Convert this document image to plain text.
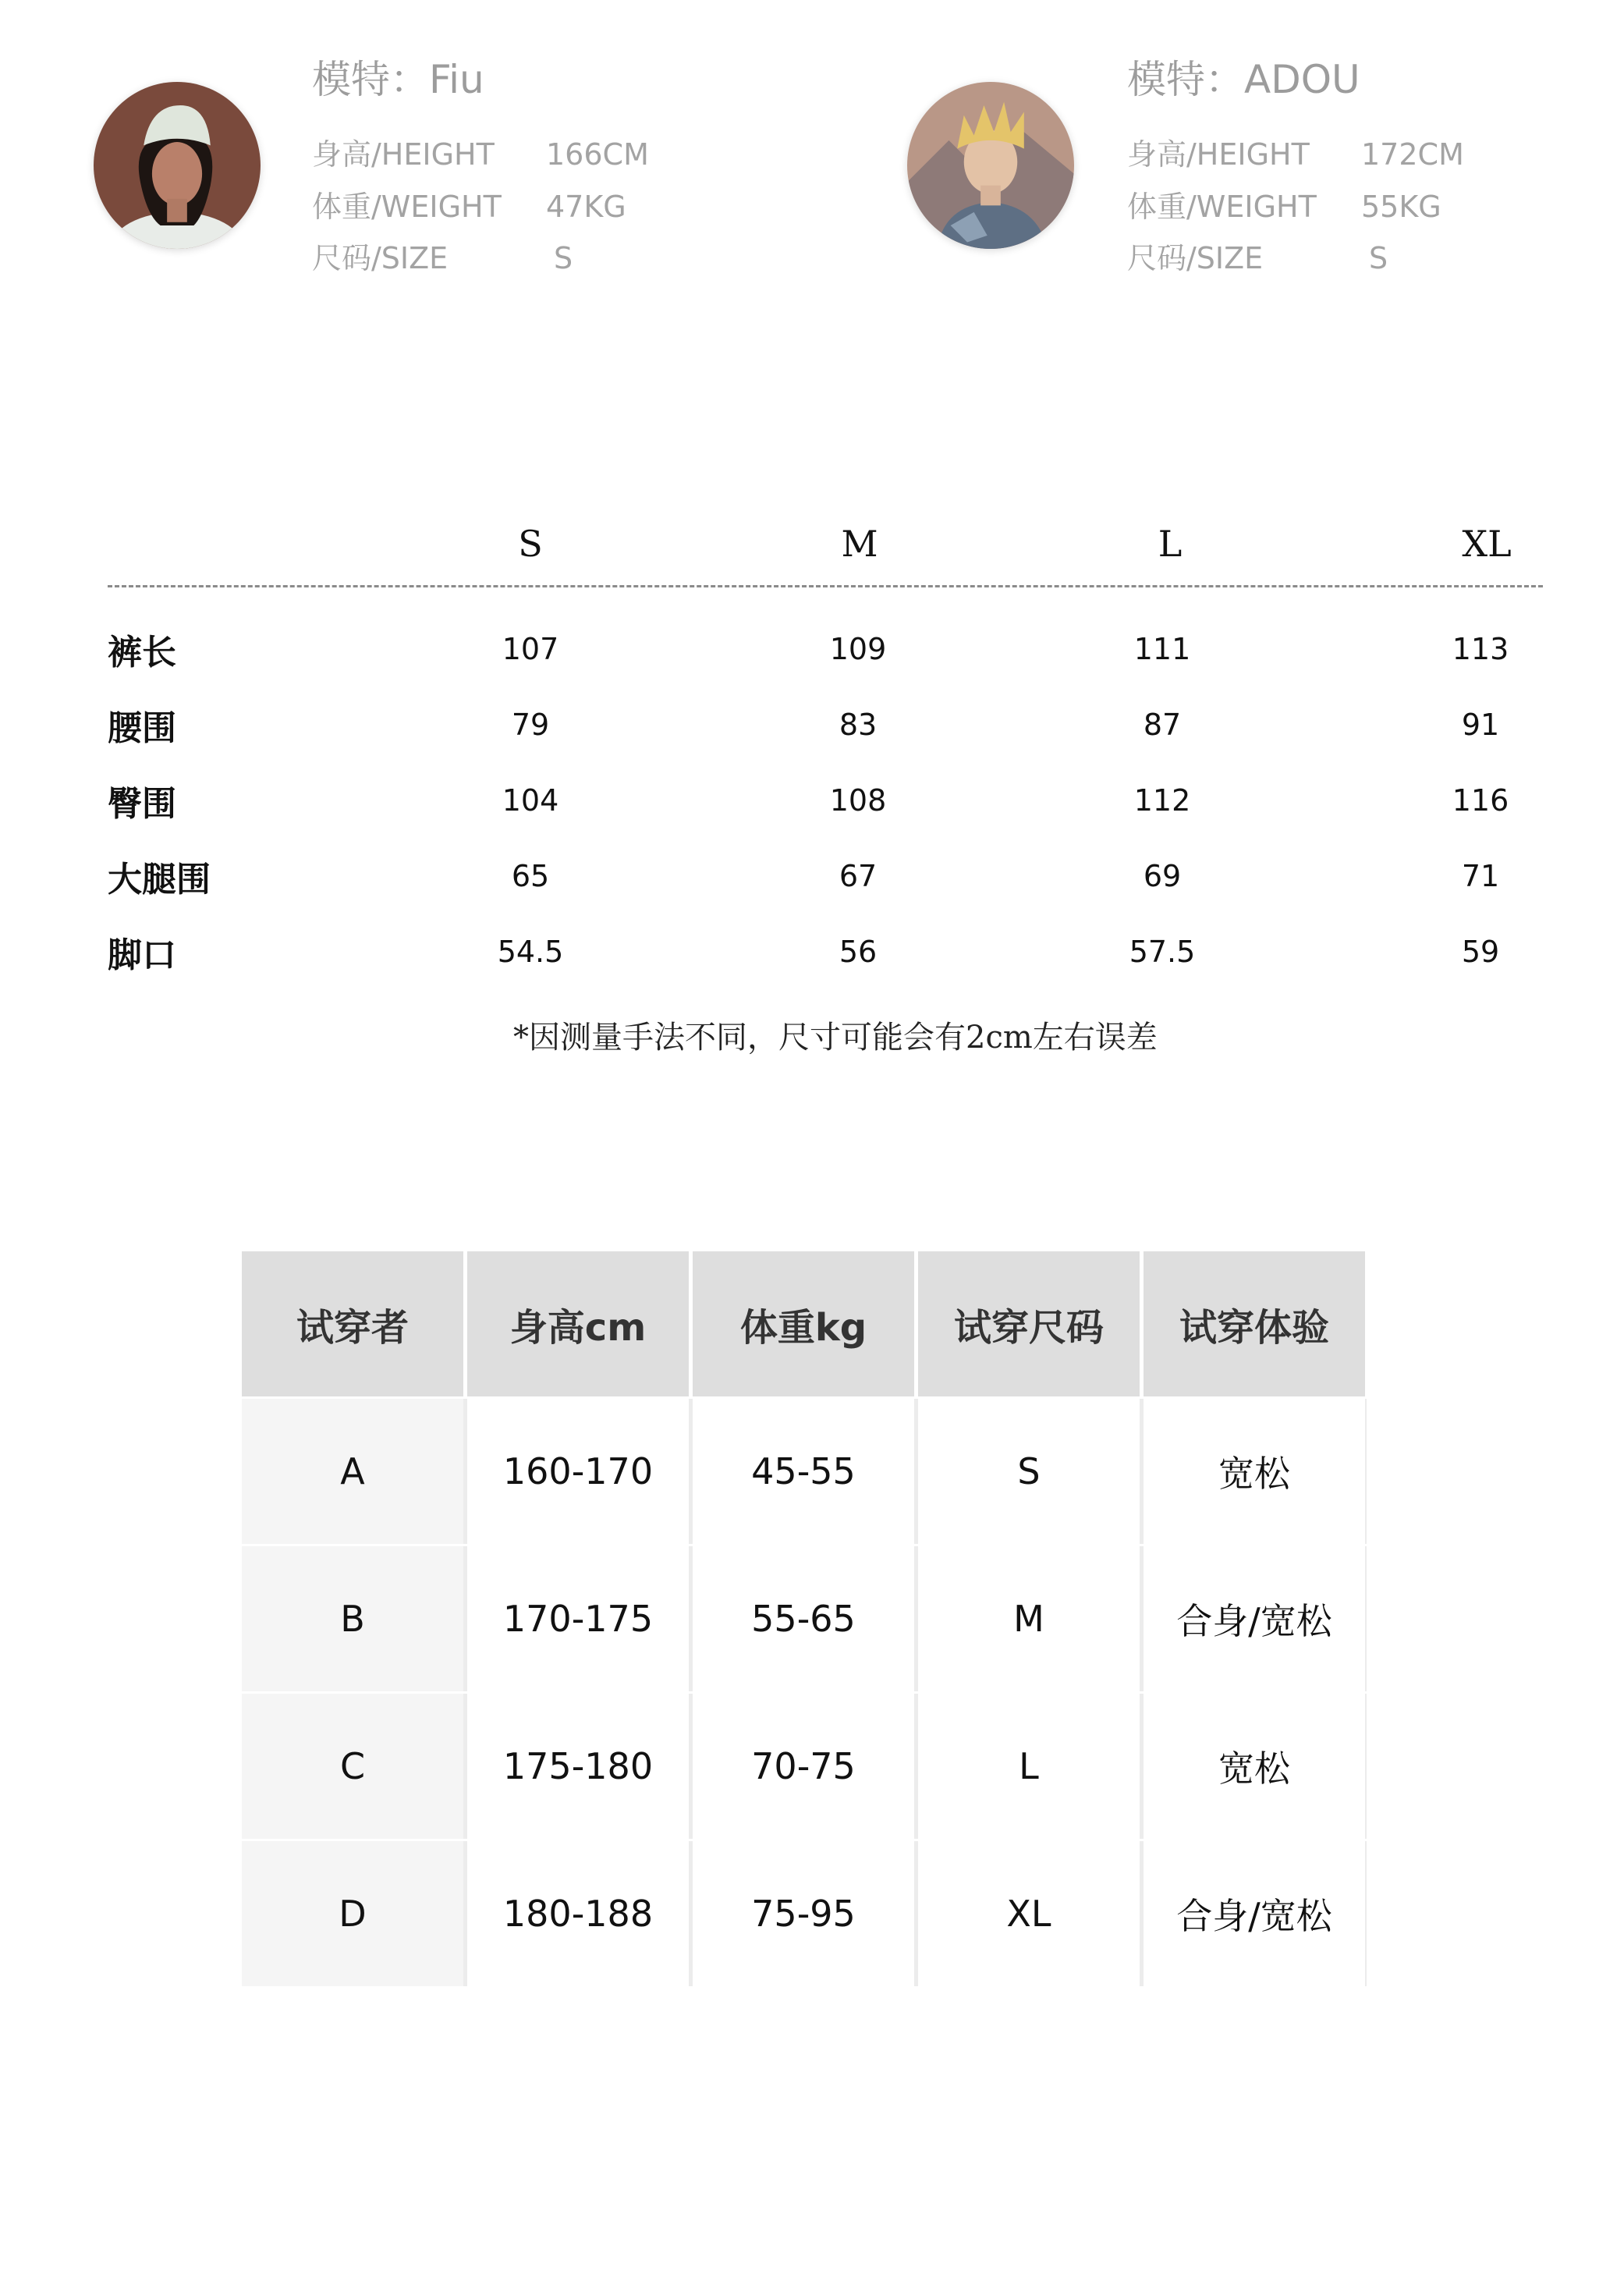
模特：Fiu
身高/HEIGHT 166CM
体重/WEIGHT 47KG
尺码/SIZE	S
模特：ADOU
身高/HEIGHT 172CM
体重/WEIGHT 55KG
尺码/SIZE	S
S	M	L	XL
裤长	107	109	111	113
腰围	79	83	87	91
臀围	104	108	112	116
大腿围	65	67	69	71
脚口	54.5	56	57.5	59
*因测量手法不同，尺寸可能会有2cm左右误差
试穿者	身高cm	体重kg	试穿尺码	试穿体验
A	160-170	45-55	S	宽松
B	170-175	55-65	M	合身/宽松
C	175-180	70-75	L	宽松
D	180-188	75-95	XL	合身/宽松
